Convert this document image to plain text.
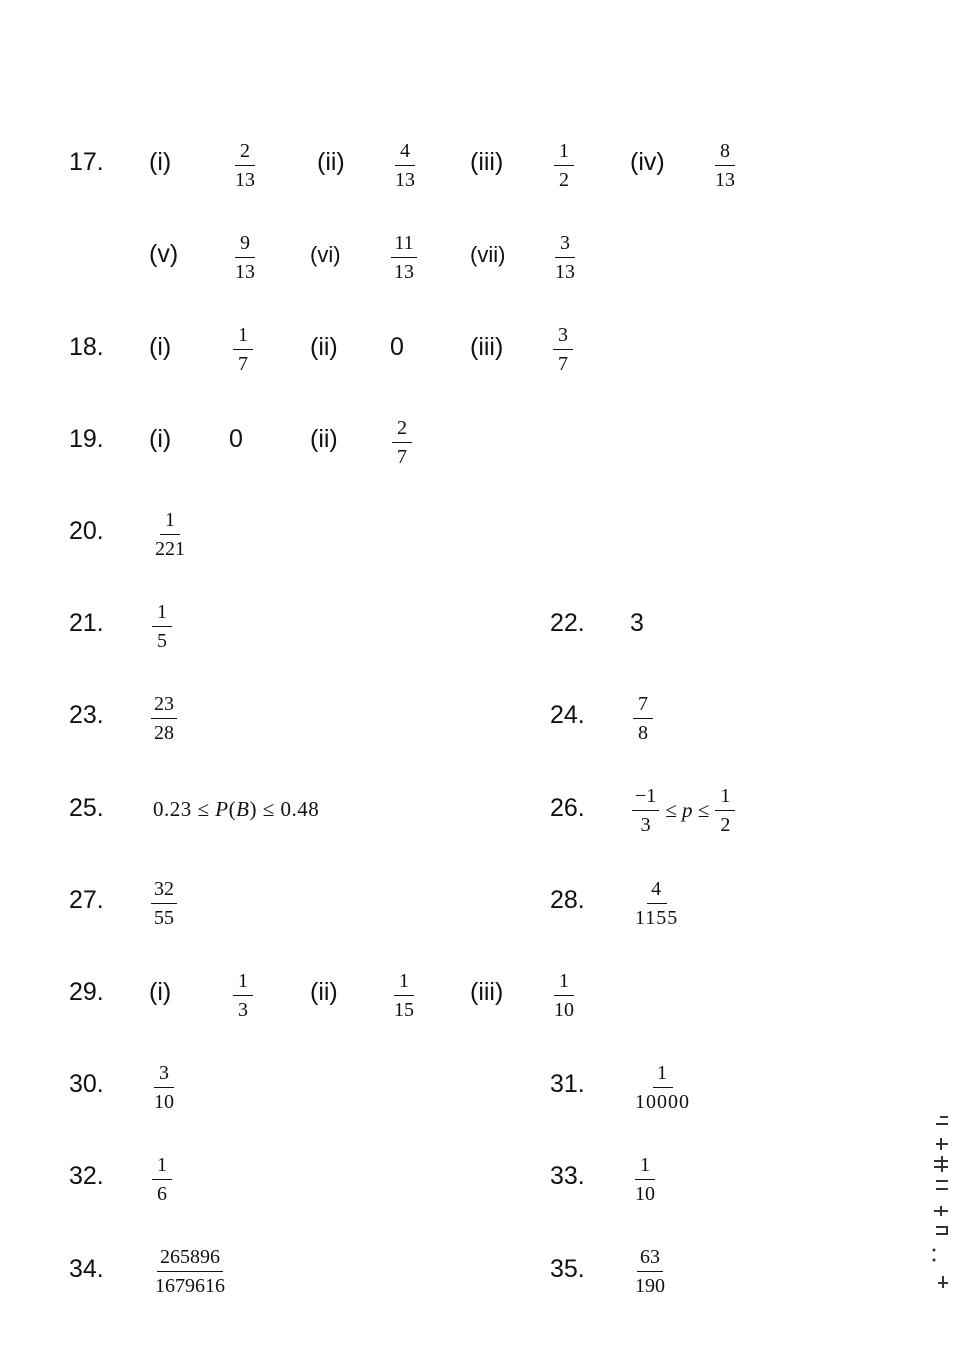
17. (i)	$\frac{2}{13} (ii) \frac{4}{13} (iii)$	$\frac{1}{2} (iv) \frac{8}{13}$
(v)	$\frac{9}{13} (vi)$	$\frac{11}{13} (vii) \frac{3}{13}$
18. (i)	$\frac{1}{7} (ii)$ 0	$(iii) \frac{3}{7}$
19. (i) 0	(ii)	$\frac{2}{7}$
20. $\frac{1}{221}$
21. $\frac{1}{5}$	22. 3
23. $\frac{23}{28}$	24. $\frac{7}{8}$
25. 0.23 ≤ P(B) ≤ 0.48	26. $\frac{-1}{3} \le p \le \frac{1}{2}$
27. $\frac{32}{55}$	28. $\frac{4}{1155}$
29. (i)	$\frac{1}{3} (ii)$	$\frac{1}{15} (iii) \frac{1}{10}$
30. $\frac{3}{10}$	31. $\frac{1}{10000}$
32. $\frac{1}{6}$	33. $\frac{1}{10}$
34. $\frac{265896}{1679616}$	35. $\frac{63}{190}$
